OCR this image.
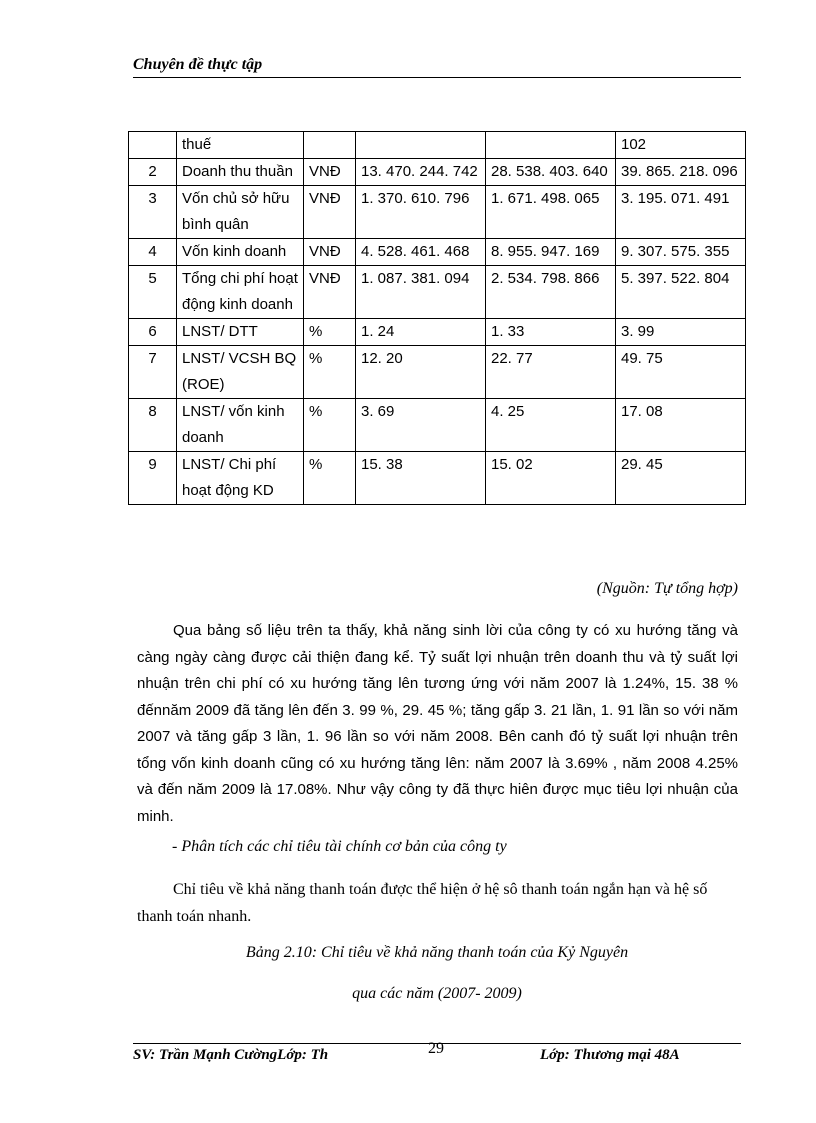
Chuyên đề thực tập
	thuế				102
2	Doanh thu thuần	VNĐ	13. 470. 244. 742	28. 538. 403. 640	39. 865. 218. 096
3	Vốn chủ sở hữu bình quân	VNĐ	1. 370. 610. 796	1. 671. 498. 065	3. 195. 071. 491
4	Vốn kinh doanh	VNĐ	4. 528. 461. 468	8. 955. 947. 169	9. 307. 575. 355
5	Tổng chi phí hoạt động kinh doanh	VNĐ	1. 087. 381. 094	2. 534. 798. 866	5. 397. 522. 804
6	LNST/ DTT	%	1. 24	1. 33	3. 99
7	LNST/ VCSH BQ (ROE)	%	12. 20	22. 77	49. 75
8	LNST/ vốn kinh doanh	%	3. 69	4. 25	17. 08
9	LNST/ Chi phí hoạt động KD	%	15. 38	15. 02	29. 45
(Nguồn: Tự tổng hợp)

Qua bảng số liệu trên ta thấy, khả năng sinh lời của công ty có xu hướng tăng và càng ngày càng được cải thiện đang kể. Tỷ suất lợi nhuận trên doanh thu và tỷ suất lợi nhuận trên chi phí có xu hướng tăng lên tương ứng với năm 2007 là 1.24%, 15. 38 % đếnnăm 2009 đã tăng lên đến 3. 99 %, 29. 45 %; tăng gấp 3. 21 lần, 1. 91 lần so với năm 2007 và tăng gấp 3 lần, 1. 96 lần so với năm 2008. Bên canh đó tỷ suất lợi nhuận trên tổng vốn kinh doanh cũng có xu hướng tăng lên: năm 2007 là 3.69% , năm 2008 4.25% và đến năm 2009 là 17.08%. Như vậy công ty đã thực hiên được mục tiêu lợi nhuận của minh.

- Phân tích các chỉ tiêu tài chính cơ bản của công ty

Chỉ tiêu về khả năng thanh toán được thể hiện ở hệ sô thanh toán ngắn hạn và hệ số thanh toán nhanh.

Bảng 2.10: Chỉ tiêu về khả năng thanh toán của Kỷ Nguyên
qua các năm (2007- 2009)
SV: Trần Mạnh CườngLớp: Th	29	Lớp: Thương mại 48A
